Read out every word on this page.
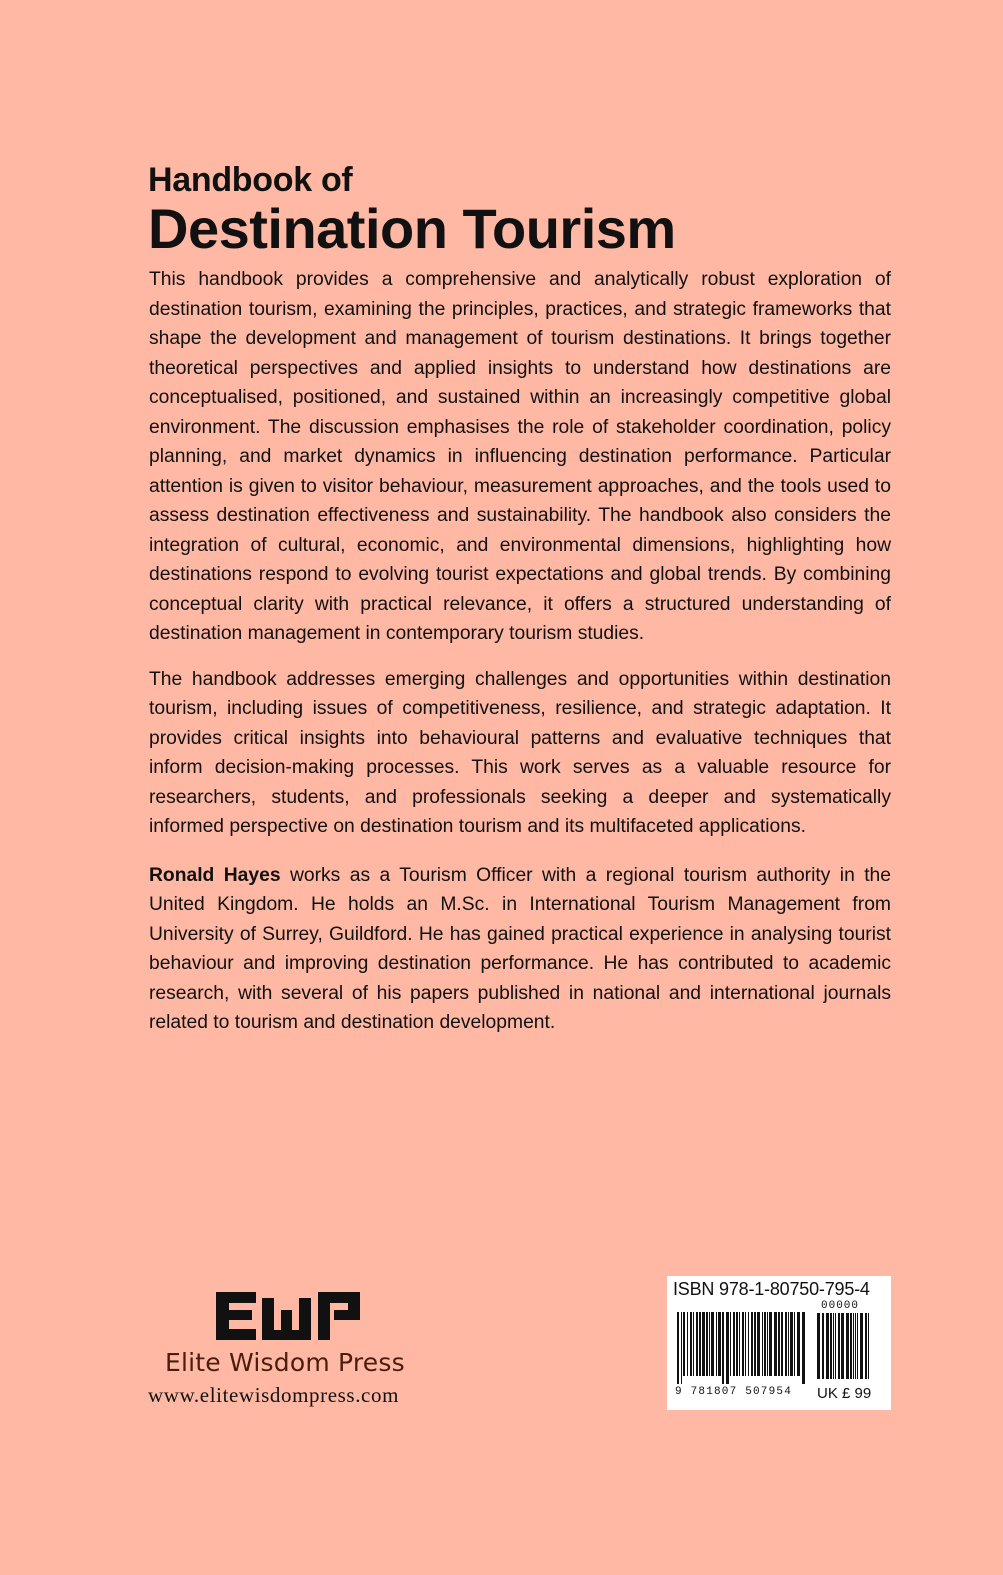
Handbook of
Destination Tourism

This handbook provides a comprehensive and analytically robust exploration of destination tourism, examining the principles, practices, and strategic frameworks that shape the development and management of tourism destinations. It brings together theoretical perspectives and applied insights to understand how destinations are conceptualised, positioned, and sustained within an increasingly competitive global environment. The discussion emphasises the role of stakeholder coordination, policy planning, and market dynamics in influencing destination performance. Particular attention is given to visitor behaviour, measurement approaches, and the tools used to assess destination effectiveness and sustainability. The handbook also considers the integration of cultural, economic, and environmental dimensions, highlighting how destinations respond to evolving tourist expectations and global trends. By combining conceptual clarity with practical relevance, it offers a structured understanding of destination management in contemporary tourism studies.

The handbook addresses emerging challenges and opportunities within destination tourism, including issues of competitiveness, resilience, and strategic adaptation. It provides critical insights into behavioural patterns and evaluative techniques that inform decision-making processes. This work serves as a valuable resource for researchers, students, and professionals seeking a deeper and systematically informed perspective on destination tourism and its multifaceted applications.

Ronald Hayes works as a Tourism Officer with a regional tourism authority in the United Kingdom. He holds an M.Sc. in International Tourism Management from University of Surrey, Guildford. He has gained practical experience in analysing tourist behaviour and improving destination performance. He has contributed to academic research, with several of his papers published in national and international journals related to tourism and destination development.

Elite Wisdom Press
www.elitewisdompress.com
ISBN 978-1-80750-795-4
00000
9 781807 507954 UK £ 99
